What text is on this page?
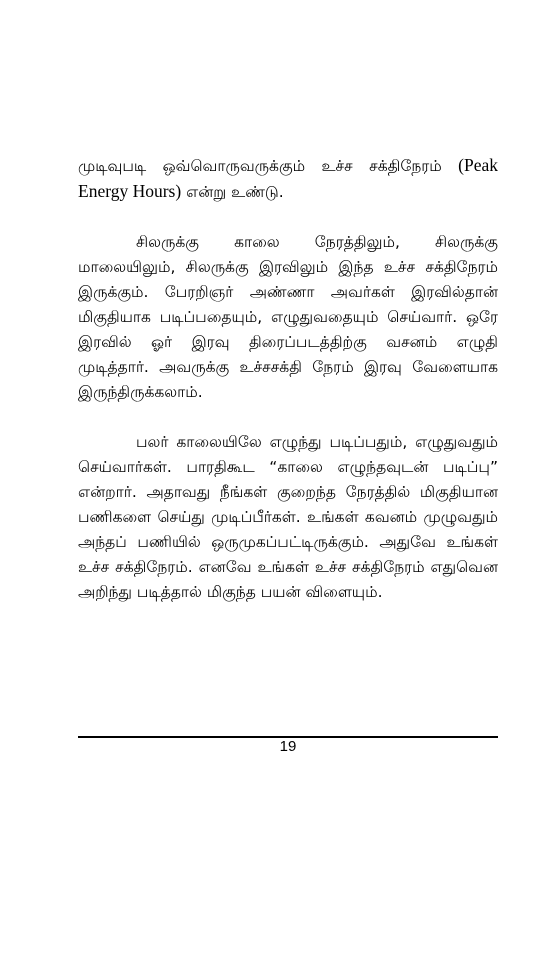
முடிவுபடி ஒவ்வொருவருக்கும் உச்ச சக்திநேரம் (Peak Energy Hours) என்று உண்டு.

சிலருக்கு காலை நேரத்திலும், சிலருக்கு மாலையிலும், சிலருக்கு இரவிலும் இந்த உச்ச சக்திநேரம் இருக்கும். பேரறிஞர் அண்ணா அவர்கள் இரவில்தான் மிகுதியாக படிப்பதையும், எழுதுவதையும் செய்வார். ஒரே இரவில் ஓர் இரவு திரைப்படத்திற்கு வசனம் எழுதி முடித்தார். அவருக்கு உச்சசக்தி நேரம் இரவு வேளையாக இருந்திருக்கலாம்.

பலர் காலையிலே எழுந்து படிப்பதும், எழுதுவதும் செய்வார்கள். பாரதிகூட “காலை எழுந்தவுடன் படிப்பு” என்றார். அதாவது நீங்கள் குறைந்த நேரத்தில் மிகுதியான பணிகளை செய்து முடிப்பீர்கள். உங்கள் கவனம் முழுவதும் அந்தப் பணியில் ஒருமுகப்பட்டிருக்கும். அதுவே உங்கள் உச்ச சக்திநேரம். எனவே உங்கள் உச்ச சக்திநேரம் எதுவென அறிந்து படித்தால் மிகுந்த பயன் விளையும்.

19
